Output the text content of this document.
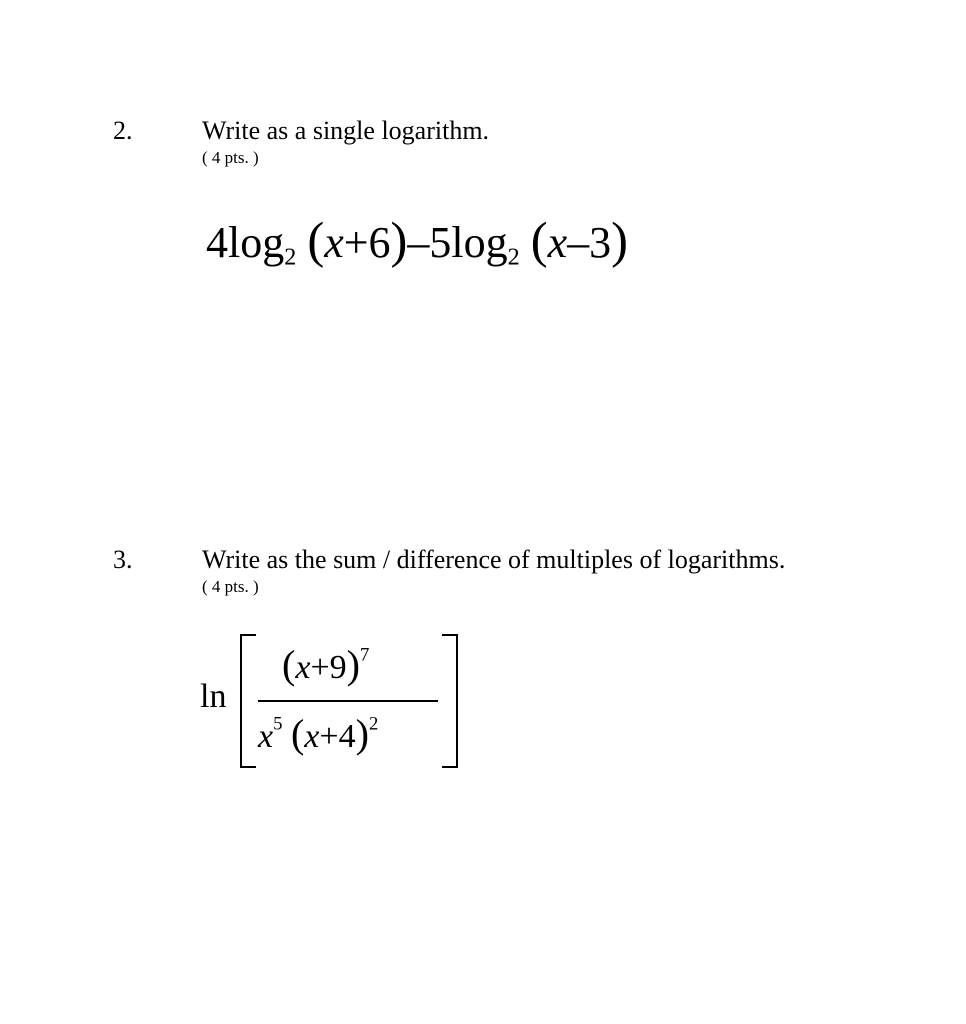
2.	Write as a single logarithm.
( 4 pts. )
$4\log_2$ $(x+6)-5\log_2$ (x–3)
3.	Write as the sum / difference of multiples of logarithms.
( 4 pts. )
ln
$(x+9)^7$
$x^5$ $(x+4)^2$
